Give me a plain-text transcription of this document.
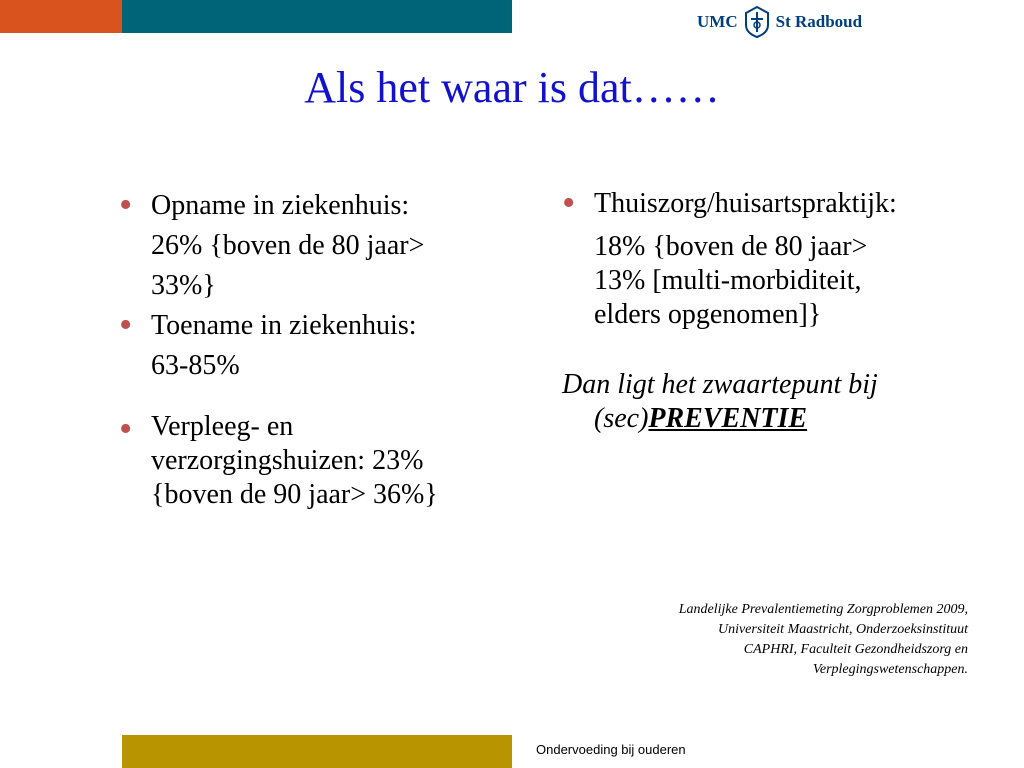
UMC St Radboud
Als het waar is dat……
• Opname in ziekenhuis:

26% {boven de 80 jaar>

33%}

• Toename in ziekenhuis:

63-85%

• Verpleeg- en

verzorgingshuizen: 23%

{boven de 90 jaar> 36%}

• Thuiszorg/huisartspraktijk:

18% {boven de 80 jaar>

13% [multi-morbiditeit,

elders opgenomen]}

Dan ligt het zwaartepunt bij
(sec)PREVENTIE
Landelijke Prevalentiemeting Zorgproblemen 2009,
Universiteit Maastricht, Onderzoeksinstituut
CAPHRI, Faculteit Gezondheidszorg en
Verplegingswetenschappen.
Ondervoeding bij ouderen
